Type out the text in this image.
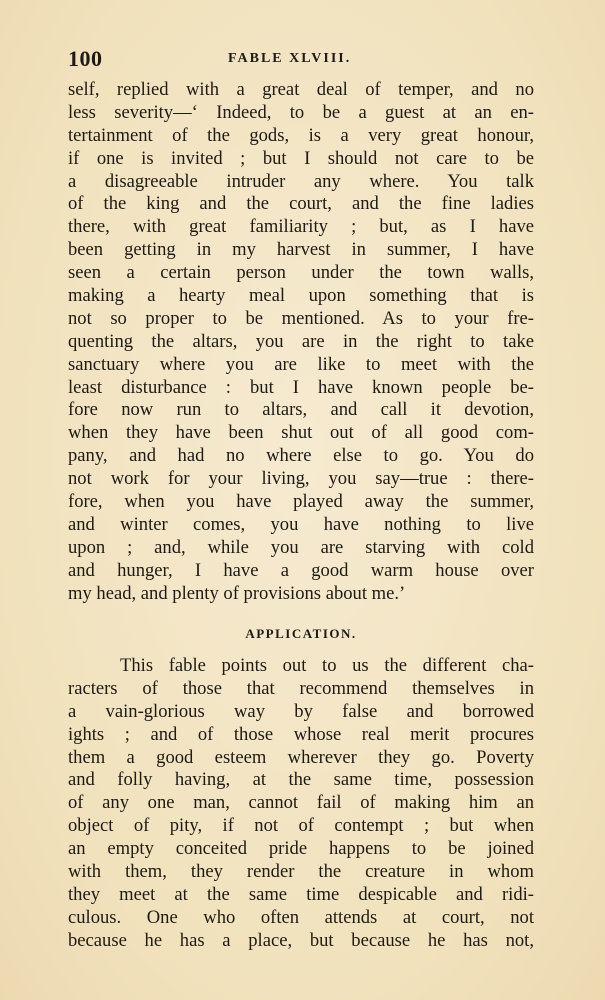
100	FABLE XLVIII.
self, replied with a great deal of temper, and no
less severity—‘ Indeed, to be a guest at an en-
tertainment of the gods, is a very great honour,
if one is invited ; but I should not care to be
a disagreeable intruder any where. You talk
of the king and the court, and the fine ladies
there, with great familiarity ; but, as I have
been getting in my harvest in summer, I have
seen a certain person under the town walls,
making a hearty meal upon something that is
not so proper to be mentioned. As to your fre-
quenting the altars, you are in the right to take
sanctuary where you are like to meet with the
least disturbance : but I have known people be-
fore now run to altars, and call it devotion,
when they have been shut out of all good com-
pany, and had no where else to go. You do
not work for your living, you say—true : there-
fore, when you have played away the summer,
and winter comes, you have nothing to live
upon ; and, while you are starving with cold
and hunger, I have a good warm house over
my head, and plenty of provisions about me.’
APPLICATION.
This fable points out to us the different cha-
racters of those that recommend themselves in
a vain-glorious way by false and borrowed
ights ; and of those whose real merit procures
them a good esteem wherever they go. Poverty
and folly having, at the same time, possession
of any one man, cannot fail of making him an
object of pity, if not of contempt ; but when
an empty conceited pride happens to be joined
with them, they render the creature in whom
they meet at the same time despicable and ridi-
culous. One who often attends at court, not
because he has a place, but because he has not,
